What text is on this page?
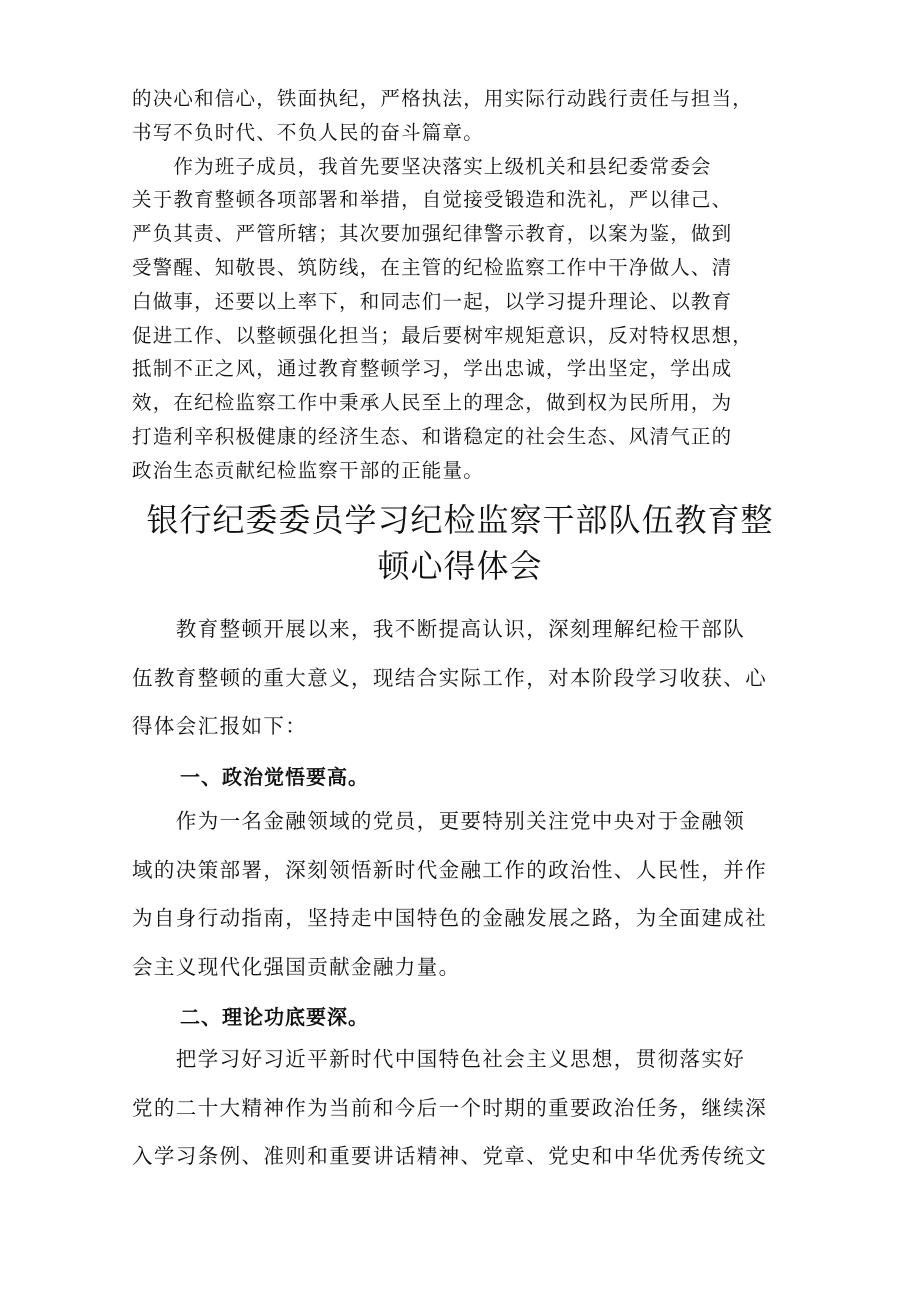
的决心和信心，铁面执纪，严格执法，用实际行动践行责任与担当，
书写不负时代、不负人民的奋斗篇章。
　　作为班子成员，我首先要坚决落实上级机关和县纪委常委会
关于教育整顿各项部署和举措，自觉接受锻造和洗礼，严以律己、
严负其责、严管所辖；其次要加强纪律警示教育，以案为鉴，做到
受警醒、知敬畏、筑防线，在主管的纪检监察工作中干净做人、清
白做事，还要以上率下，和同志们一起，以学习提升理论、以教育
促进工作、以整顿强化担当；最后要树牢规矩意识，反对特权思想，
抵制不正之风，通过教育整顿学习，学出忠诚，学出坚定，学出成
效，在纪检监察工作中秉承人民至上的理念，做到权为民所用，为
打造利辛积极健康的经济生态、和谐稳定的社会生态、风清气正的
政治生态贡献纪检监察干部的正能量。
银行纪委委员学习纪检监察干部队伍教育整
顿心得体会
　　教育整顿开展以来，我不断提高认识，深刻理解纪检干部队
伍教育整顿的重大意义，现结合实际工作，对本阶段学习收获、心
得体会汇报如下：
一、政治觉悟要高。
　　作为一名金融领域的党员，更要特别关注党中央对于金融领
域的决策部署，深刻领悟新时代金融工作的政治性、人民性，并作
为自身行动指南，坚持走中国特色的金融发展之路，为全面建成社
会主义现代化强国贡献金融力量。
二、理论功底要深。
　　把学习好习近平新时代中国特色社会主义思想，贯彻落实好
党的二十大精神作为当前和今后一个时期的重要政治任务，继续深
入学习条例、准则和重要讲话精神、党章、党史和中华优秀传统文
